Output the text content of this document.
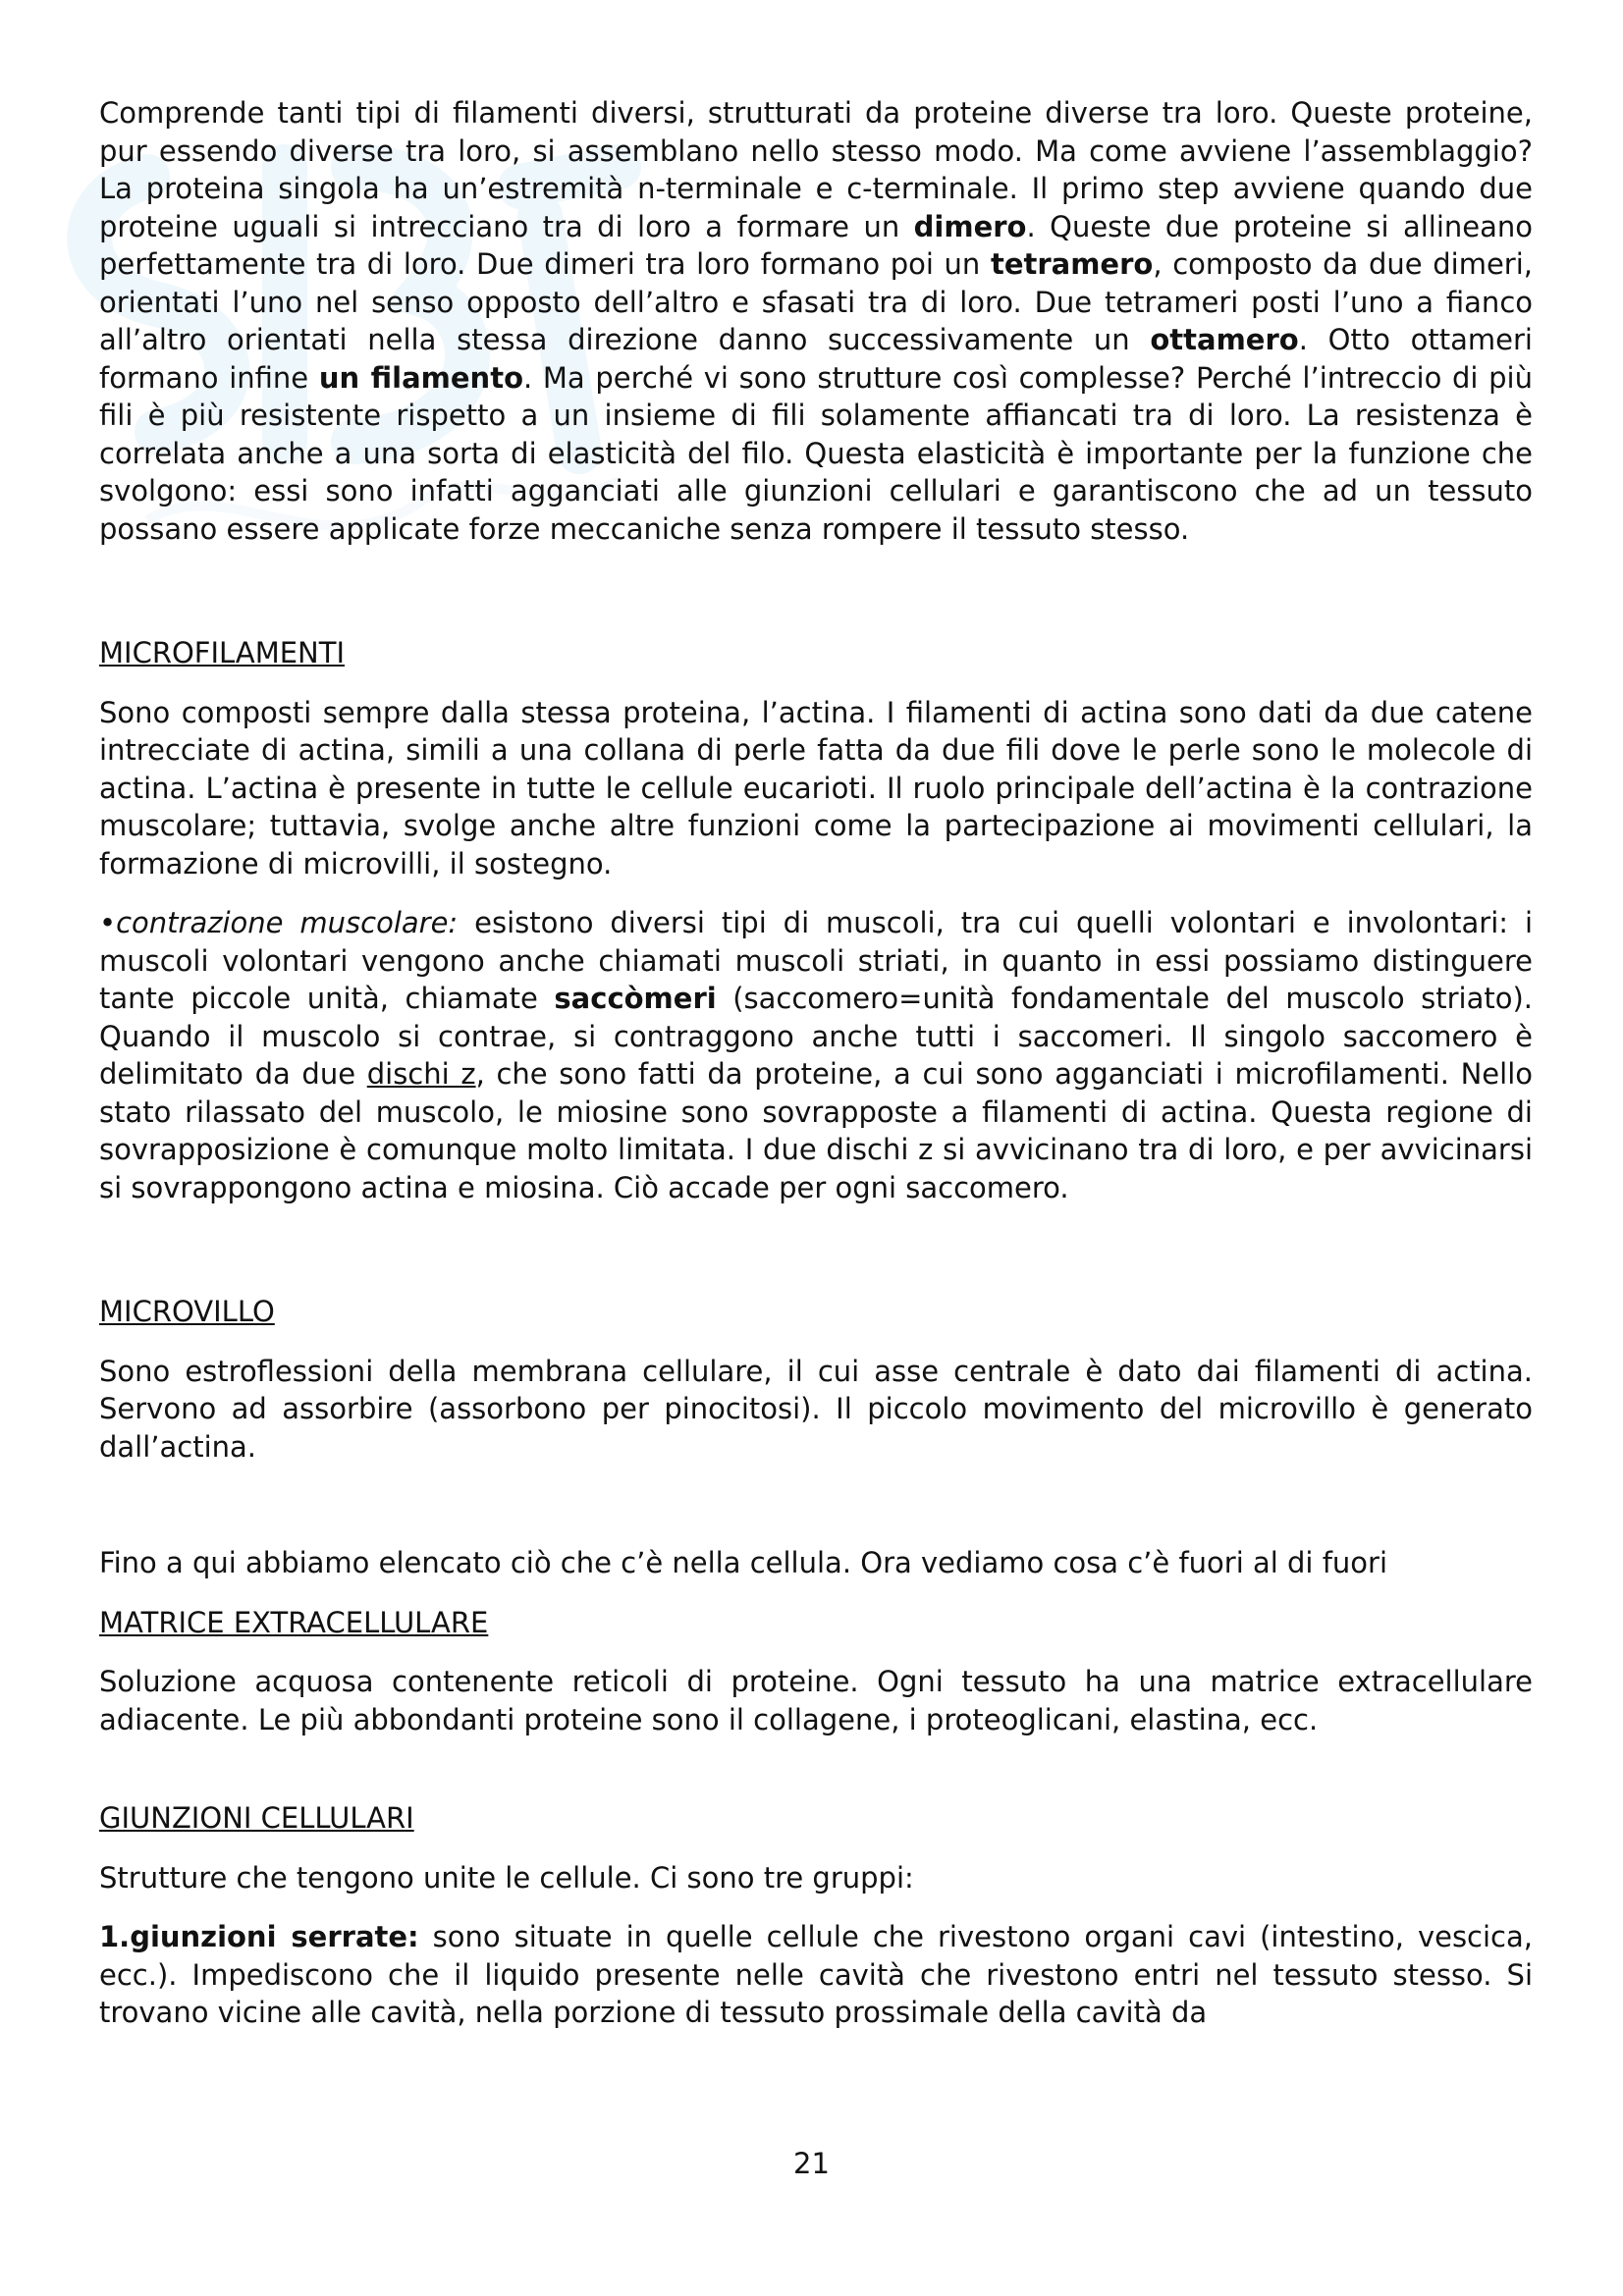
Comprende tanti tipi di filamenti diversi, strutturati da proteine diverse tra loro. Queste proteine, pur essendo diverse tra loro, si assemblano nello stesso modo. Ma come avviene l’assemblaggio? La proteina singola ha un’estremità n-terminale e c-terminale. Il primo step avviene quando due proteine uguali si intrecciano tra di loro a formare un dimero. Queste due proteine si allineano perfettamente tra di loro. Due dimeri tra loro formano poi un tetramero, composto da due dimeri, orientati l’uno nel senso opposto dell’altro e sfasati tra di loro. Due tetrameri posti l’uno a fianco all’altro orientati nella stessa direzione danno successivamente un ottamero. Otto ottameri formano infine un filamento. Ma perché vi sono strutture così complesse? Perché l’intreccio di più fili è più resistente rispetto a un insieme di fili solamente affiancati tra di loro. La resistenza è correlata anche a una sorta di elasticità del filo. Questa elasticità è importante per la funzione che svolgono: essi sono infatti agganciati alle giunzioni cellulari e garantiscono che ad un tessuto possano essere applicate forze meccaniche senza rompere il tessuto stesso.

MICROFILAMENTI

Sono composti sempre dalla stessa proteina, l’actina. I filamenti di actina sono dati da due catene intrecciate di actina, simili a una collana di perle fatta da due fili dove le perle sono le molecole di actina. L’actina è presente in tutte le cellule eucarioti. Il ruolo principale dell’actina è la contrazione muscolare; tuttavia, svolge anche altre funzioni come la partecipazione ai movimenti cellulari, la formazione di microvilli, il sostegno.

•contrazione muscolare: esistono diversi tipi di muscoli, tra cui quelli volontari e involontari: i muscoli volontari vengono anche chiamati muscoli striati, in quanto in essi possiamo distinguere tante piccole unità, chiamate saccòmeri (saccomero=unità fondamentale del muscolo striato). Quando il muscolo si contrae, si contraggono anche tutti i saccomeri. Il singolo saccomero è delimitato da due dischi z, che sono fatti da proteine, a cui sono agganciati i microfilamenti. Nello stato rilassato del muscolo, le miosine sono sovrapposte a filamenti di actina. Questa regione di sovrapposizione è comunque molto limitata. I due dischi z si avvicinano tra di loro, e per avvicinarsi si sovrappongono actina e miosina. Ciò accade per ogni saccomero.

MICROVILLO

Sono estroflessioni della membrana cellulare, il cui asse centrale è dato dai filamenti di actina. Servono ad assorbire (assorbono per pinocitosi). Il piccolo movimento del microvillo è generato dall’actina.

Fino a qui abbiamo elencato ciò che c’è nella cellula. Ora vediamo cosa c’è fuori al di fuori

MATRICE EXTRACELLULARE

Soluzione acquosa contenente reticoli di proteine. Ogni tessuto ha una matrice extracellulare adiacente. Le più abbondanti proteine sono il collagene, i proteoglicani, elastina, ecc.

GIUNZIONI CELLULARI

Strutture che tengono unite le cellule. Ci sono tre gruppi:

1.giunzioni serrate: sono situate in quelle cellule che rivestono organi cavi (intestino, vescica, ecc.). Impediscono che il liquido presente nelle cavità che rivestono entri nel tessuto stesso. Si trovano vicine alle cavità, nella porzione di tessuto prossimale della cavità da

21
